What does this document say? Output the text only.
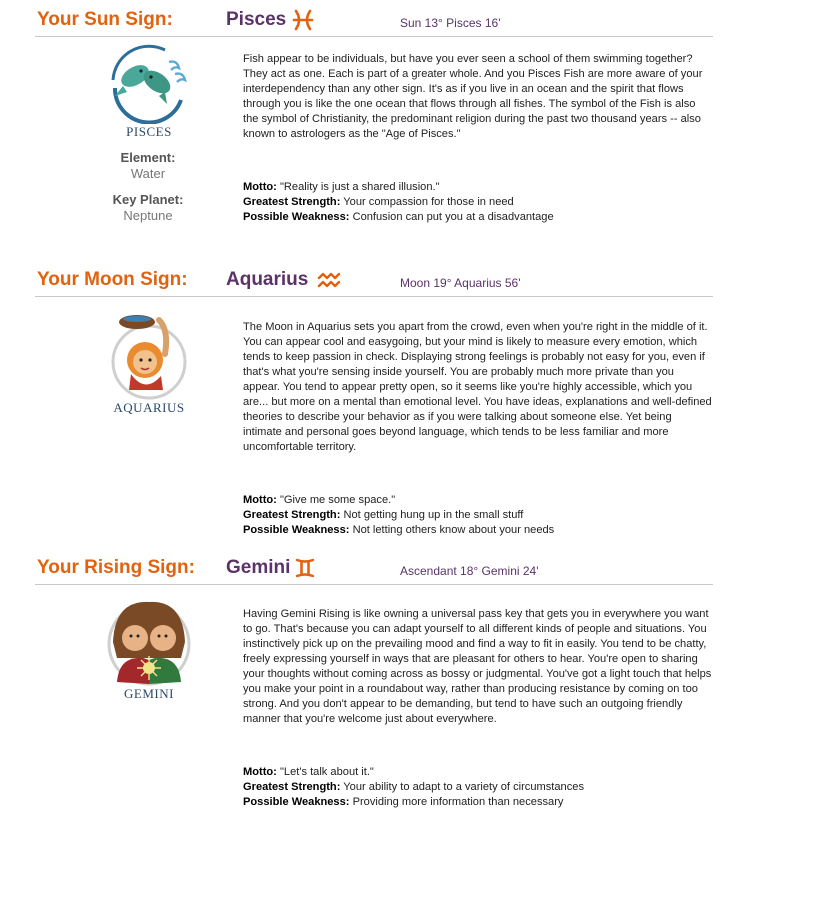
Your Sun Sign:	Pisces	Sun 13° Pisces 16'
PISCES
Element:
Water
Key Planet:
Neptune

Fish appear to be individuals, but have you ever seen a school of them swimming together? They act as one. Each is part of a greater whole. And you Pisces Fish are more aware of your interdependency than any other sign. It's as if you live in an ocean and the spirit that flows through you is like the one ocean that flows through all fishes. The symbol of the Fish is also the symbol of Christianity, the predominant religion during the past two thousand years -- also known to astrologers as the "Age of Pisces."

Motto: "Reality is just a shared illusion."
Greatest Strength: Your compassion for those in need
Possible Weakness: Confusion can put you at a disadvantage
Your Moon Sign: Aquarius	Moon 19° Aquarius 56'
AQUARIUS

The Moon in Aquarius sets you apart from the crowd, even when you're right in the middle of it. You can appear cool and easygoing, but your mind is likely to measure every emotion, which tends to keep passion in check. Displaying strong feelings is probably not easy for you, even if that's what you're sensing inside yourself. You are probably much more private than you appear. You tend to appear pretty open, so it seems like you're highly accessible, which you are... but more on a mental than emotional level. You have ideas, explanations and well-defined theories to describe your behavior as if you were talking about someone else. Yet being intimate and personal goes beyond language, which tends to be less familiar and more uncomfortable territory.

Motto: "Give me some space."
Greatest Strength: Not getting hung up in the small stuff
Possible Weakness: Not letting others know about your needs
Your Rising Sign: Gemini	Ascendant 18° Gemini 24'
GEMINI

Having Gemini Rising is like owning a universal pass key that gets you in everywhere you want to go. That's because you can adapt yourself to all different kinds of people and situations. You instinctively pick up on the prevailing mood and find a way to fit in easily. You tend to be chatty, freely expressing yourself in ways that are pleasant for others to hear. You're open to sharing your thoughts without coming across as bossy or judgmental. You've got a light touch that helps you make your point in a roundabout way, rather than producing resistance by coming on too strong. And you don't appear to be demanding, but tend to have such an outgoing friendly manner that you're welcome just about everywhere.

Motto: "Let's talk about it."
Greatest Strength: Your ability to adapt to a variety of circumstances
Possible Weakness: Providing more information than necessary
